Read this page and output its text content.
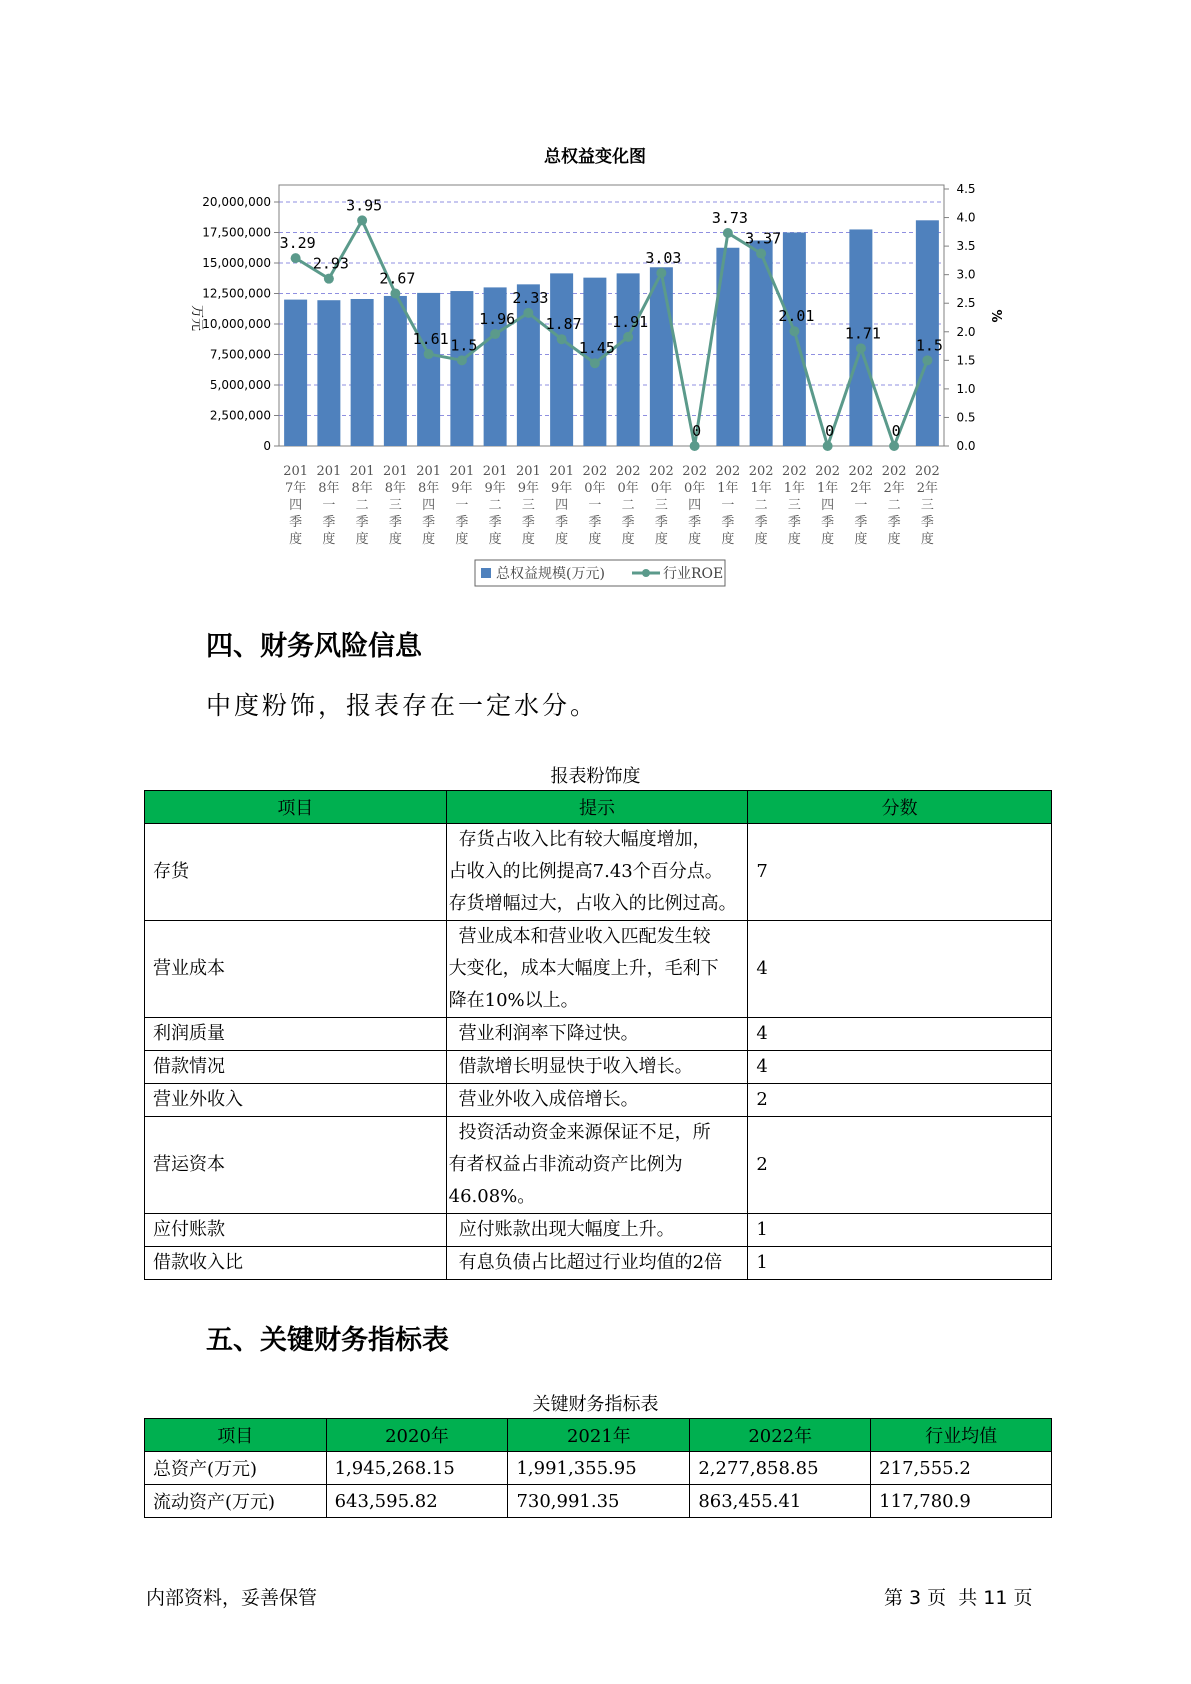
总权益变化图
20,000,000
17,500,000
15,000,000
12,500,000
10,000,000
7,500,000
5,000,000
2,500,000
0
4.5
4.0
3.5
3.0
2.5
2.0
1.5
1.0
0.5
0.0
万元	%
201
7年
四
季
度
201
8年
一
季
度
201
8年
二
季
度
201
8年
三
季
度
201
8年
四
季
度
201
9年
一
季
度
201
9年
二
季
度
201
9年
三
季
度
201
9年
四
季
度
202
0年
一
季
度
202
0年
二
季
度
202
0年
三
季
度
202
0年
四
季
度
202
1年
一
季
度
202
1年
二
季
度
202
1年
三
季
度
202
1年
四
季
度
202
2年
一
季
度
202
2年
二
季
度
202
2年
三
季
度
3.29
2.93
3.95
2.67
1.61 1.5
1.96
2.33
1.87
1.45
1.91
3.03
0
3.73
3.37
2.01
0
1.71
0
1.5
总权益规模(万元)	行业ROE
四、财务风险信息

中度粉饰，报表存在一定水分。

报表粉饰度
项目	提示	分数
存货	存货占收入比有较大幅度增加，
占收入的比例提高7.43个百分点。
存货增幅过大，占收入的比例过高。	7
营业成本	营业成本和营业收入匹配发生较
大变化，成本大幅度上升，毛利下
降在10%以上。	4
利润质量	营业利润率下降过快。	4
借款情况	借款增长明显快于收入增长。	4
营业外收入	营业外收入成倍增长。	2
营运资本	投资活动资金来源保证不足，所
有者权益占非流动资产比例为
46.08%。	2
应付账款	应付账款出现大幅度上升。	1
借款收入比	有息负债占比超过行业均值的2倍	1
五、关键财务指标表
关键财务指标表
项目	2020年	2021年	2022年	行业均值
总资产(万元)	1,945,268.15	1,991,355.95	2,277,858.85	217,555.2
流动资产(万元)	643,595.82	730,991.35	863,455.41	117,780.9
内部资料，妥善保管	第 3 页  共 11 页
